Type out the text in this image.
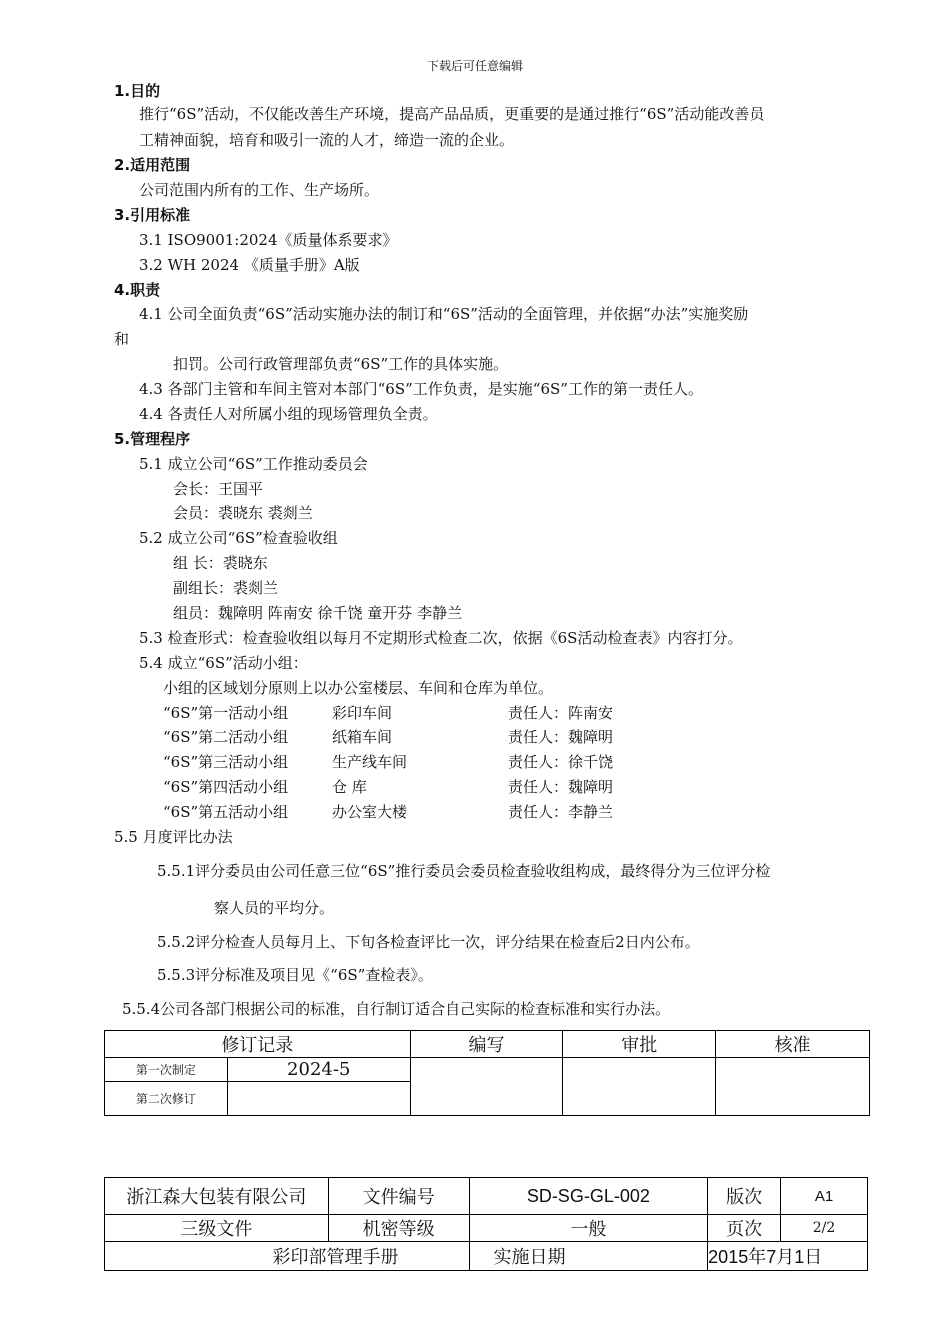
下载后可任意编辑
1.目的
推行“6S”活动，不仅能改善生产环境，提高产品品质，更重要的是通过推行“6S”活动能改善员
工精神面貌，培育和吸引一流的人才，缔造一流的企业。
2.适用范围
公司范围内所有的工作、生产场所。
3.引用标准
3.1 ISO9001:2024《质量体系要求》
3.2 WH 2024 《质量手册》A版
4.职责
4.1 公司全面负责“6S”活动实施办法的制订和“6S”活动的全面管理，并依据“办法”实施奖励
和
扣罚。公司行政管理部负责“6S”工作的具体实施。
4.3 各部门主管和车间主管对本部门“6S”工作负责，是实施“6S”工作的第一责任人。
4.4 各责任人对所属小组的现场管理负全责。
5.管理程序
5.1 成立公司“6S”工作推动委员会
会长：王国平
会员：裘晓东 裘剡兰
5.2 成立公司“6S”检查验收组
组 长：裘晓东
副组长：裘剡兰
组员：魏障明 阵南安 徐千饶 童开芬 李静兰
5.3 检查形式：检查验收组以每月不定期形式检查二次，依据《6S活动检查表》内容打分。
5.4 成立“6S”活动小组：
小组的区域划分原则上以办公室楼层、车间和仓库为单位。
“6S”第一活动小组	彩印车间	责任人：阵南安
“6S”第二活动小组	纸箱车间	责任人：魏障明
“6S”第三活动小组	生产线车间	责任人：徐千饶
“6S”第四活动小组	仓 库	责任人：魏障明
“6S”第五活动小组	办公室大楼	责任人：李静兰
5.5 月度评比办法
5.5.1评分委员由公司任意三位“6S”推行委员会委员检查验收组构成，最终得分为三位评分检
察人员的平均分。
5.5.2评分检查人员每月上、下旬各检查评比一次，评分结果在检查后2日内公布。
5.5.3评分标准及项目见《“6S”查检表》。
5.5.4公司各部门根据公司的标准，自行制订适合自己实际的检查标准和实行办法。
修订记录		编写	审批	核准
第一次制定	2024-5			
第二次修订				
浙江森大包装有限公司	文件编号	SD-SG-GL-002	版次	A1
三级文件	机密等级	一般	页次	2/2
彩印部管理手册		实施日期	2015年7月1日	
